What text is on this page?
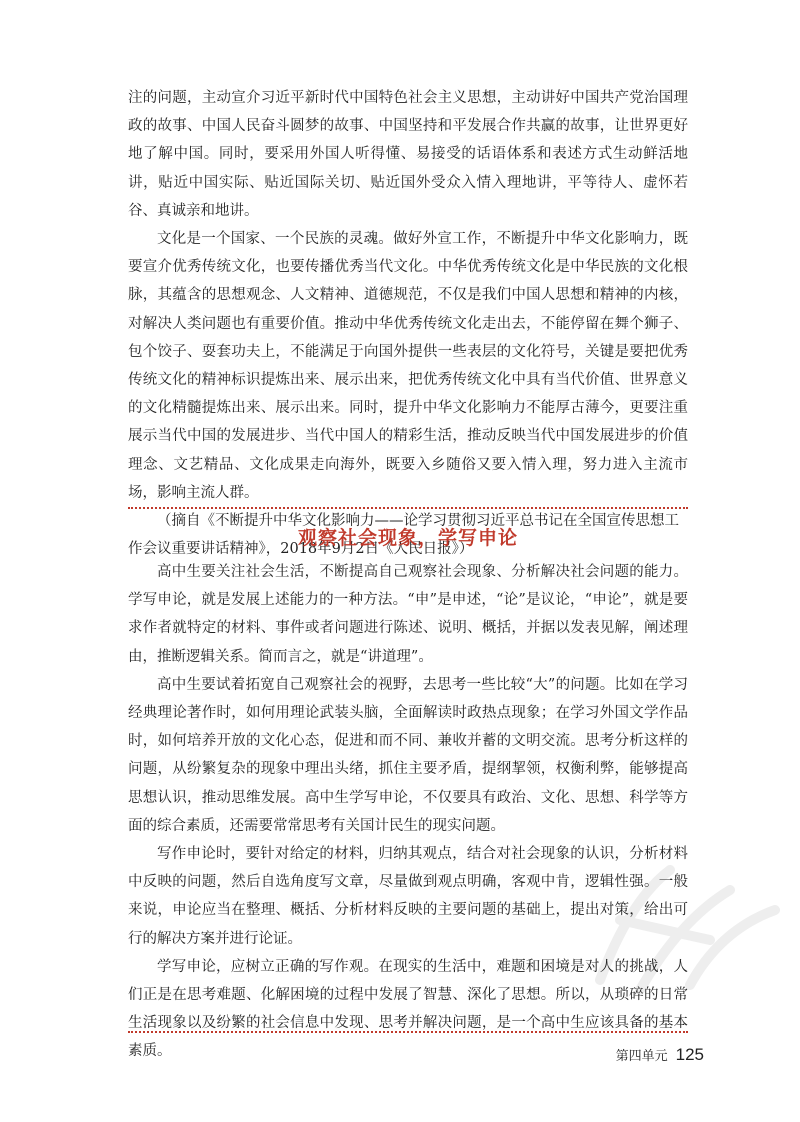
注的问题，主动宣介习近平新时代中国特色社会主义思想，主动讲好中国共产党治国理政的故事、中国人民奋斗圆梦的故事、中国坚持和平发展合作共赢的故事，让世界更好地了解中国。同时，要采用外国人听得懂、易接受的话语体系和表述方式生动鲜活地讲，贴近中国实际、贴近国际关切、贴近国外受众入情入理地讲，平等待人、虚怀若谷、真诚亲和地讲。

文化是一个国家、一个民族的灵魂。做好外宣工作，不断提升中华文化影响力，既要宣介优秀传统文化，也要传播优秀当代文化。中华优秀传统文化是中华民族的文化根脉，其蕴含的思想观念、人文精神、道德规范，不仅是我们中国人思想和精神的内核，对解决人类问题也有重要价值。推动中华优秀传统文化走出去，不能停留在舞个狮子、包个饺子、耍套功夫上，不能满足于向国外提供一些表层的文化符号，关键是要把优秀传统文化的精神标识提炼出来、展示出来，把优秀传统文化中具有当代价值、世界意义的文化精髓提炼出来、展示出来。同时，提升中华文化影响力不能厚古薄今，更要注重展示当代中国的发展进步、当代中国人的精彩生活，推动反映当代中国发展进步的价值理念、文艺精品、文化成果走向海外，既要入乡随俗又要入情入理，努力进入主流市场，影响主流人群。

（摘自《不断提升中华文化影响力——论学习贯彻习近平总书记在全国宣传思想工作会议重要讲话精神》，2018年9月2日《人民日报》）

观察社会现象，学写申论

高中生要关注社会生活，不断提高自己观察社会现象、分析解决社会问题的能力。学写申论，就是发展上述能力的一种方法。“申”是申述，“论”是议论，“申论”，就是要求作者就特定的材料、事件或者问题进行陈述、说明、概括，并据以发表见解，阐述理由，推断逻辑关系。简而言之，就是“讲道理”。

高中生要试着拓宽自己观察社会的视野，去思考一些比较“大”的问题。比如在学习经典理论著作时，如何用理论武装头脑，全面解读时政热点现象；在学习外国文学作品时，如何培养开放的文化心态，促进和而不同、兼收并蓄的文明交流。思考分析这样的问题，从纷繁复杂的现象中理出头绪，抓住主要矛盾，提纲挈领，权衡利弊，能够提高思想认识，推动思维发展。高中生学写申论，不仅要具有政治、文化、思想、科学等方面的综合素质，还需要常常思考有关国计民生的现实问题。

写作申论时，要针对给定的材料，归纳其观点，结合对社会现象的认识，分析材料中反映的问题，然后自选角度写文章，尽量做到观点明确，客观中肯，逻辑性强。一般来说，申论应当在整理、概括、分析材料反映的主要问题的基础上，提出对策，给出可行的解决方案并进行论证。

学写申论，应树立正确的写作观。在现实的生活中，难题和困境是对人的挑战，人们正是在思考难题、化解困境的过程中发展了智慧、深化了思想。所以，从琐碎的日常生活现象以及纷繁的社会信息中发现、思考并解决问题，是一个高中生应该具备的基本素质。	第四单元 125
